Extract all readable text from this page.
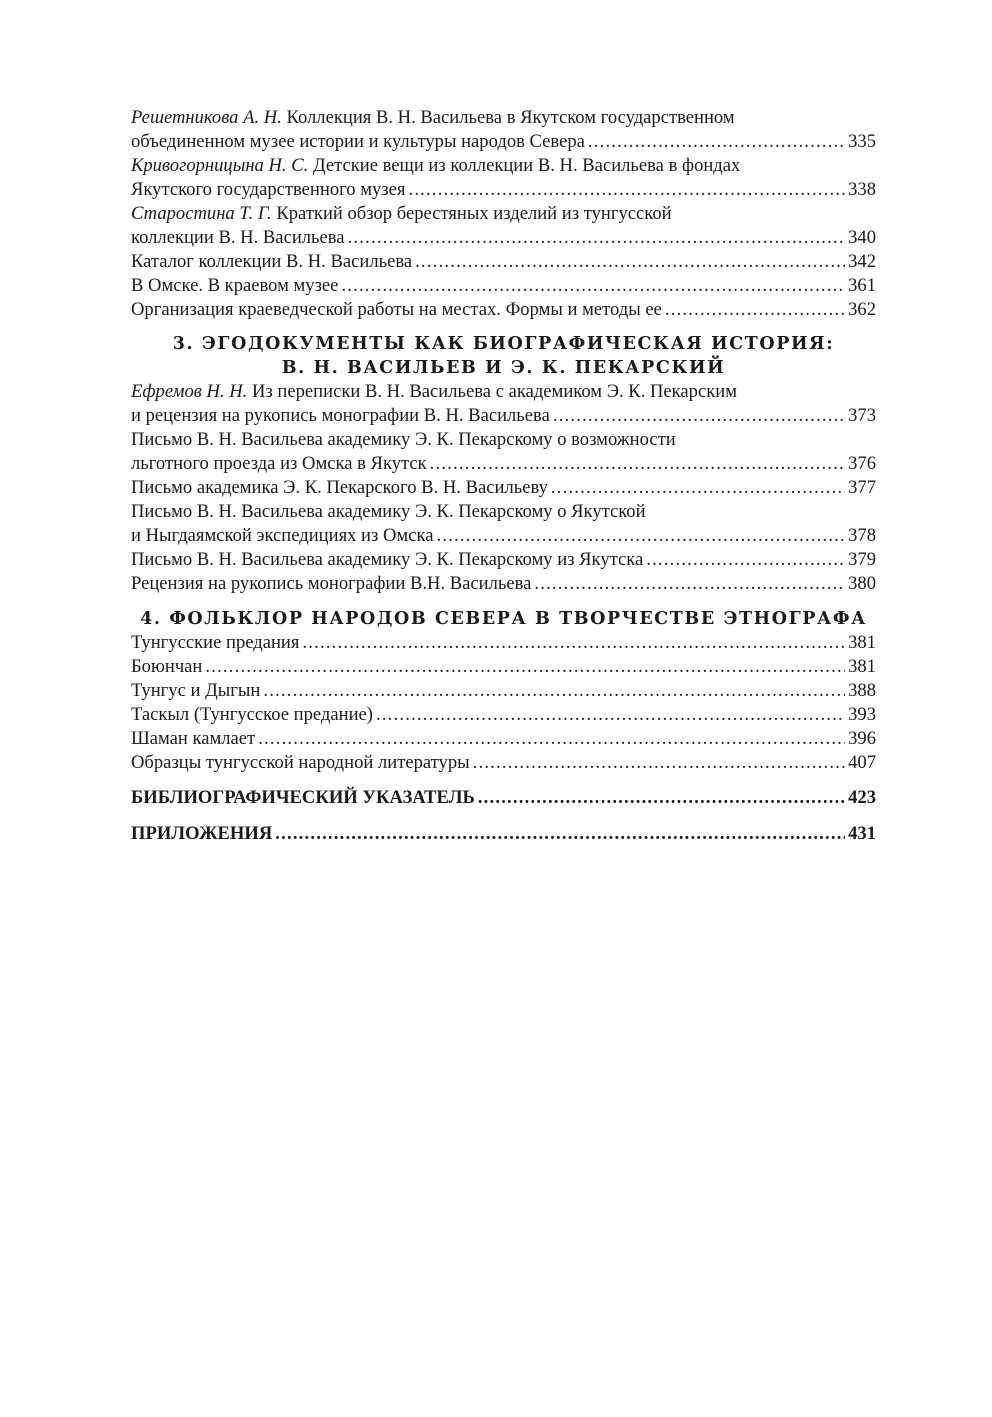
Решетникова А. Н.
Коллекция В. Н. Васильева в Якутском государственном
объединенном музее истории и культуры народов Севера .....	335
Кривогорницына Н. С.
Детские вещи из коллекции В. Н. Васильева в фондах
Якутского государственного музея .....	338
Старостина Т. Г.
Краткий обзор берестяных изделий из тунгусской
коллекции В. Н. Васильева .....	340
Каталог коллекции В. Н. Васильева .....	342
В Омске. В краевом музее .....	361
Организация краеведческой работы на местах. Формы и методы ее .....	362
3. ЭГОДОКУМЕНТЫ КАК БИОГРАФИЧЕСКАЯ ИСТОРИЯ:
В. Н. ВАСИЛЬЕВ И Э. К. ПЕКАРСКИЙ
Ефремов Н. Н.
Из переписки В. Н. Васильева с академиком Э. К. Пекарским
и рецензия на рукопись монографии В. Н. Васильева .....	373
Письмо В. Н. Васильева академику Э. К. Пекарскому о возможности
льготного проезда из Омска в Якутск .....	376
Письмо академика Э. К. Пекарского В. Н. Васильеву .....	377
Письмо В. Н. Васильева академику Э. К. Пекарскому о Якутской
и Ныгдаямской экспедициях из Омска .....	378
Письмо В. Н. Васильева академику Э. К. Пекарскому из Якутска .....	379
Рецензия на рукопись монографии В.Н. Васильева .....	380
4. ФОЛЬКЛОР НАРОДОВ СЕВЕРА В ТВОРЧЕСТВЕ ЭТНОГРАФА
Тунгусские предания .....	381
Боюнчан .....	381
Тунгус и Дыгын .....	388
Таскыл (Тунгусское предание) .....	393
Шаман камлает .....	396
Образцы тунгусской народной литературы .....	407
БИБЛИОГРАФИЧЕСКИЙ УКАЗАТЕЛЬ .....	423
ПРИЛОЖЕНИЯ .....	431
